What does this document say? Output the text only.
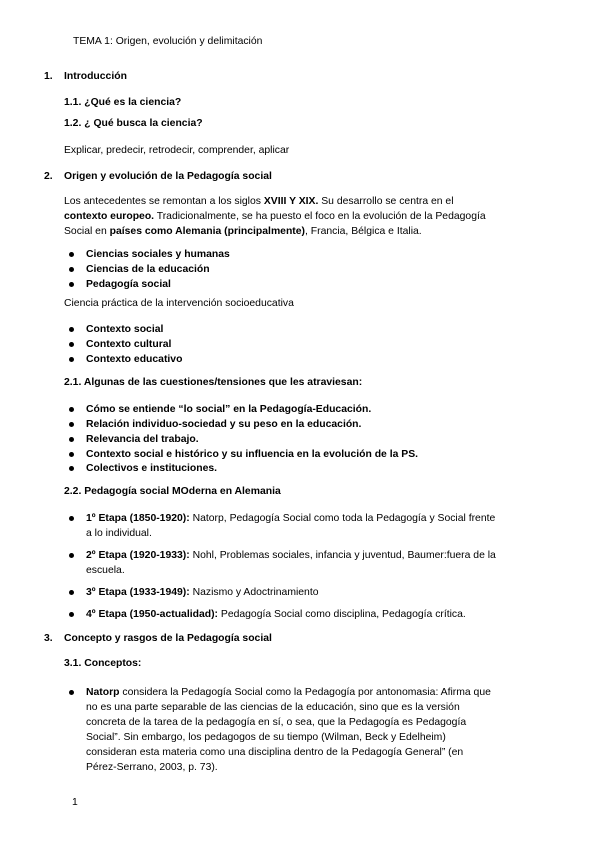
TEMA 1: Origen, evolución y delimitación
1. Introducción
1.1. ¿Qué es la ciencia?
1.2. ¿ Qué busca la ciencia?
Explicar, predecir, retrodecir, comprender, aplicar
2. Origen y evolución de la Pedagogía social
Los antecedentes se remontan a los siglos XVIII Y XIX. Su desarrollo se centra en el
contexto europeo. Tradicionalmente, se ha puesto el foco en la evolución de la Pedagogía
Social en países como Alemania (principalmente), Francia, Bélgica e Italia.
Ciencias sociales y humanas
Ciencias de la educación
Pedagogía social
Ciencia práctica de la intervención socioeducativa
Contexto social
Contexto cultural
Contexto educativo
2.1. Algunas de las cuestiones/tensiones que les atraviesan:
Cómo se entiende “lo social” en la Pedagogía-Educación.
Relación individuo-sociedad y su peso en la educación.
Relevancia del trabajo.
Contexto social e histórico y su influencia en la evolución de la PS.
Colectivos e instituciones.
2.2. Pedagogía social MOderna en Alemania
1º Etapa (1850-1920): Natorp, Pedagogía Social como toda la Pedagogía y Social frente
a lo individual.
2º Etapa (1920-1933): Nohl, Problemas sociales, infancia y juventud, Baumer:fuera de la
escuela.
3º Etapa (1933-1949): Nazismo y Adoctrinamiento
4º Etapa (1950-actualidad): Pedagogía Social como disciplina, Pedagogía crítica.
3. Concepto y rasgos de la Pedagogía social
3.1. Conceptos:
Natorp considera la Pedagogía Social como la Pedagogía por antonomasia: Afirma que
no es una parte separable de las ciencias de la educación, sino que es la versión
concreta de la tarea de la pedagogía en sí, o sea, que la Pedagogía es Pedagogía
Social”. Sin embargo, los pedagogos de su tiempo (Wilman, Beck y Edelheim)
consideran esta materia como una disciplina dentro de la Pedagogía General” (en
Pérez-Serrano, 2003, p. 73).
1
